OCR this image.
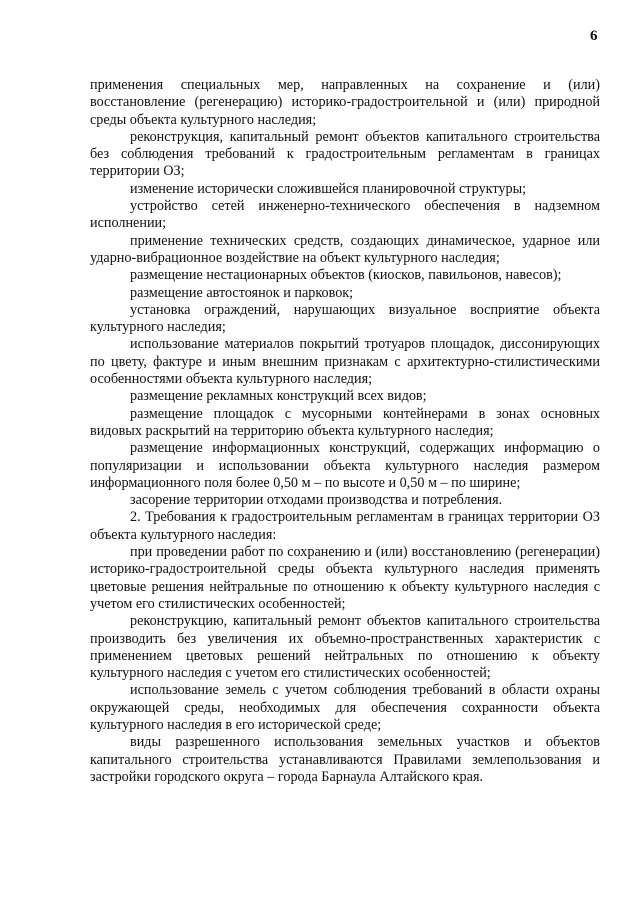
6

применения специальных мер, направленных на сохранение и (или) восстановление (регенерацию) историко-градостроительной и (или) природной среды объекта культурного наследия;

реконструкция, капитальный ремонт объектов капитального строительства без соблюдения требований к градостроительным регламентам в границах территории ОЗ;

изменение исторически сложившейся планировочной структуры;

устройство сетей инженерно-технического обеспечения в надземном исполнении;

применение технических средств, создающих динамическое, ударное или ударно-вибрационное воздействие на объект культурного наследия;

размещение нестационарных объектов (киосков, павильонов, навесов);

размещение автостоянок и парковок;

установка ограждений, нарушающих визуальное восприятие объекта культурного наследия;

использование материалов покрытий тротуаров площадок, диссонирующих по цвету, фактуре и иным внешним признакам с архитектурно-стилистическими особенностями объекта культурного наследия;

размещение рекламных конструкций всех видов;

размещение площадок с мусорными контейнерами в зонах основных видовых раскрытий на территорию объекта культурного наследия;

размещение информационных конструкций, содержащих информацию о популяризации и использовании объекта культурного наследия размером информационного поля более 0,50 м – по высоте и 0,50 м – по ширине;

засорение территории отходами производства и потребления.

2. Требования к градостроительным регламентам в границах территории ОЗ объекта культурного наследия:

при проведении работ по сохранению и (или) восстановлению (регенерации) историко-градостроительной среды объекта культурного наследия применять цветовые решения нейтральные по отношению к объекту культурного наследия с учетом его стилистических особенностей;

реконструкцию, капитальный ремонт объектов капитального строительства производить без увеличения их объемно-пространственных характеристик с применением цветовых решений нейтральных по отношению к объекту культурного наследия с учетом его стилистических особенностей;

использование земель с учетом соблюдения требований в области охраны окружающей среды, необходимых для обеспечения сохранности объекта культурного наследия в его исторической среде;

виды разрешенного использования земельных участков и объектов капитального строительства устанавливаются Правилами землепользования и застройки городского округа – города Барнаула Алтайского края.
